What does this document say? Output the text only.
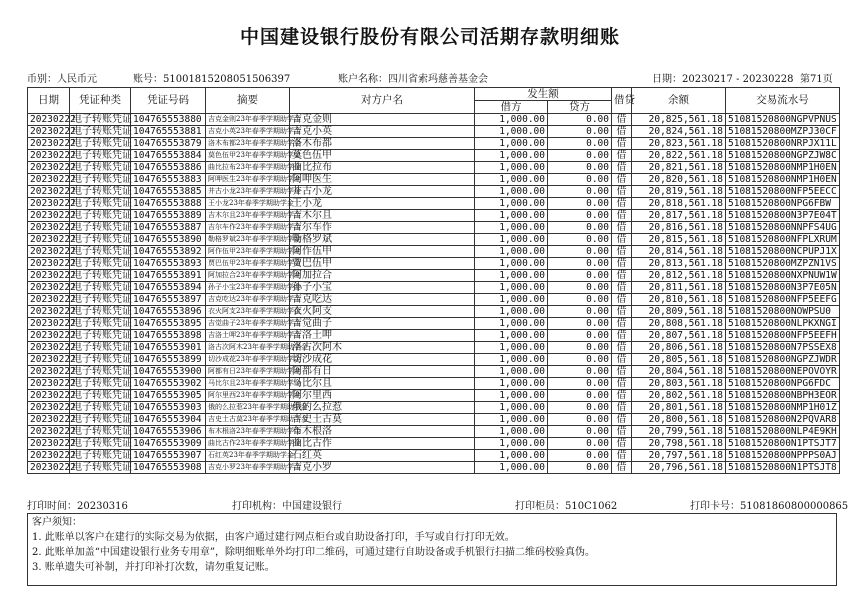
中国建设银行股份有限公司活期存款明细账
币别：人民币元	账号：51001815208051506397	账户名称：四川省索玛慈善基金会	日期：20230217 - 20230228 第71页
日期	凭证种类	凭证号码	摘要	对方户名	发生额		借贷	余额	交易流水号
					借方	贷方			
20230222	电子转账凭证	104765553880	吉克金则23年春季学期助学金	吉克金则	1,000.00	0.00	借	20,825,561.18	51081520800NGPVPNUS
20230222	电子转账凭证	104765553881	吉克小英23年春季学期助学金	吉克小英	1,000.00	0.00	借	20,824,561.18	51081520800MZPJ30CF
20230222	电子转账凭证	104765553879	洛木布都23年春季学期助学金	洛木布都	1,000.00	0.00	借	20,823,561.18	51081520800NRPJX11L
20230222	电子转账凭证	104765553884	莫色伍甲23年春季学期助学金	莫色伍甲	1,000.00	0.00	借	20,822,561.18	51081520800NGPZJW8C
20230222	电子转账凭证	104765553886	曲比拉布23年春季学期助学金	曲比拉布	1,000.00	0.00	借	20,821,561.18	51081520800NMP1H0EN
20230222	电子转账凭证	104765553883	阿呷医生23年春季学期助学金	阿呷医生	1,000.00	0.00	借	20,820,561.18	51081520800NMP1H0EN
20230222	电子转账凭证	104765553885	井古小龙23年春季学期助学金	井古小龙	1,000.00	0.00	借	20,819,561.18	51081520800NFP5EECC
20230222	电子转账凭证	104765553888	王小龙23年春季学期助学金	王小龙	1,000.00	0.00	借	20,818,561.18	51081520800NPG6FBW
20230222	电子转账凭证	104765553889	吉木尔且23年春季学期助学金	吉木尔且	1,000.00	0.00	借	20,817,561.18	51081520800N3P7E04T
20230222	电子转账凭证	104765553887	吉尔车作23年春季学期助学金	吉尔车作	1,000.00	0.00	借	20,816,561.18	51081520800NNPFS4UG
20230222	电子转账凭证	104765553890	勒格罗斌23年春季学期助学金	勒格罗斌	1,000.00	0.00	借	20,815,561.18	51081520800NFPLXRUM
20230222	电子转账凭证	104765553892	阿作伍甲23年春季学期助学金	阿作伍甲	1,000.00	0.00	借	20,814,561.18	51081520800NCPUPJ1X
20230222	电子转账凭证	104765553893	贾巴伍甲23年春季学期助学金	贾巴伍甲	1,000.00	0.00	借	20,813,561.18	51081520800MZPZN1VS
20230222	电子转账凭证	104765553891	阿加拉合23年春季学期助学金	阿加拉合	1,000.00	0.00	借	20,812,561.18	51081520800NXPNUW1W
20230222	电子转账凭证	104765553894	孙子小宝23年春季学期助学金	孙子小宝	1,000.00	0.00	借	20,811,561.18	51081520800N3P7E05N
20230222	电子转账凭证	104765553897	吉克吃达23年春季学期助学金	吉克吃达	1,000.00	0.00	借	20,810,561.18	51081520800NFP5EEFG
20230222	电子转账凭证	104765553896	衣火阿支23年春季学期助学金	衣火阿支	1,000.00	0.00	借	20,809,561.18	51081520800NOWPSU0
20230222	电子转账凭证	104765553895	吉觉曲子23年春季学期助学金	吉觉曲子	1,000.00	0.00	借	20,808,561.18	51081520800NLPKXNGI
20230222	电子转账凭证	104765553898	吉洛土呷23年春季学期助学金	吉洛土呷	1,000.00	0.00	借	20,807,561.18	51081520800NFP5EEFH
20230222	电子转账凭证	104765553901	洛古次阿木23年春季学期助学金	洛古次阿木	1,000.00	0.00	借	20,806,561.18	51081520800N7PSSEX8
20230222	电子转账凭证	104765553899	切沙成花23年春季学期助学金	切沙成花	1,000.00	0.00	借	20,805,561.18	51081520800NGPZJWDR
20230222	电子转账凭证	104765553900	阿都有日23年春季学期助学金	阿都有日	1,000.00	0.00	借	20,804,561.18	51081520800NEPOVOYR
20230222	电子转账凭证	104765553902	马比尔且23年春季学期助学金	马比尔且	1,000.00	0.00	借	20,803,561.18	51081520800NPG6FDC
20230222	电子转账凭证	104765553905	阿尔里西23年春季学期助学金	阿尔里西	1,000.00	0.00	借	20,802,561.18	51081520800NBPH3EOR
20230222	电子转账凭证	104765553903	俄的么拉惹23年春季学期助学金	俄的么拉惹	1,000.00	0.00	借	20,801,561.18	51081520800NMP1H01Z
20230222	电子转账凭证	104765553904	吉史土古莫23年春季学期助学金	吉史土古莫	1,000.00	0.00	借	20,800,561.18	51081520800N2PQVAR8
20230222	电子转账凭证	104765553906	布木根洛23年春季学期助学金	布木根洛	1,000.00	0.00	借	20,799,561.18	51081520800NLP4E9KH
20230222	电子转账凭证	104765553909	曲比古作23年春季学期助学金	曲比古作	1,000.00	0.00	借	20,798,561.18	51081520800N1PTSJT7
20230222	电子转账凭证	104765553907	石红英23年春季学期助学金	石红英	1,000.00	0.00	借	20,797,561.18	51081520800NPPPS0AJ
20230222	电子转账凭证	104765553908	吉克小罗23年春季学期助学金	吉克小罗	1,000.00	0.00	借	20,796,561.18	51081520800N1PTSJT8
打印时间：20230316	打印机构：中国建设银行	打印柜员：510C1062	打印卡号：51081860800000865
客户须知：
1. 此账单以客户在建行的实际交易为依据，由客户通过建行网点柜台或自助设备打印，手写或自行打印无效。
2. 此账单加盖“中国建设银行业务专用章”，除明细账单外均打印二维码，可通过建行自助设备或手机银行扫描二维码校验真伪。
3. 账单遗失可补制，并打印补打次数，请勿重复记账。
